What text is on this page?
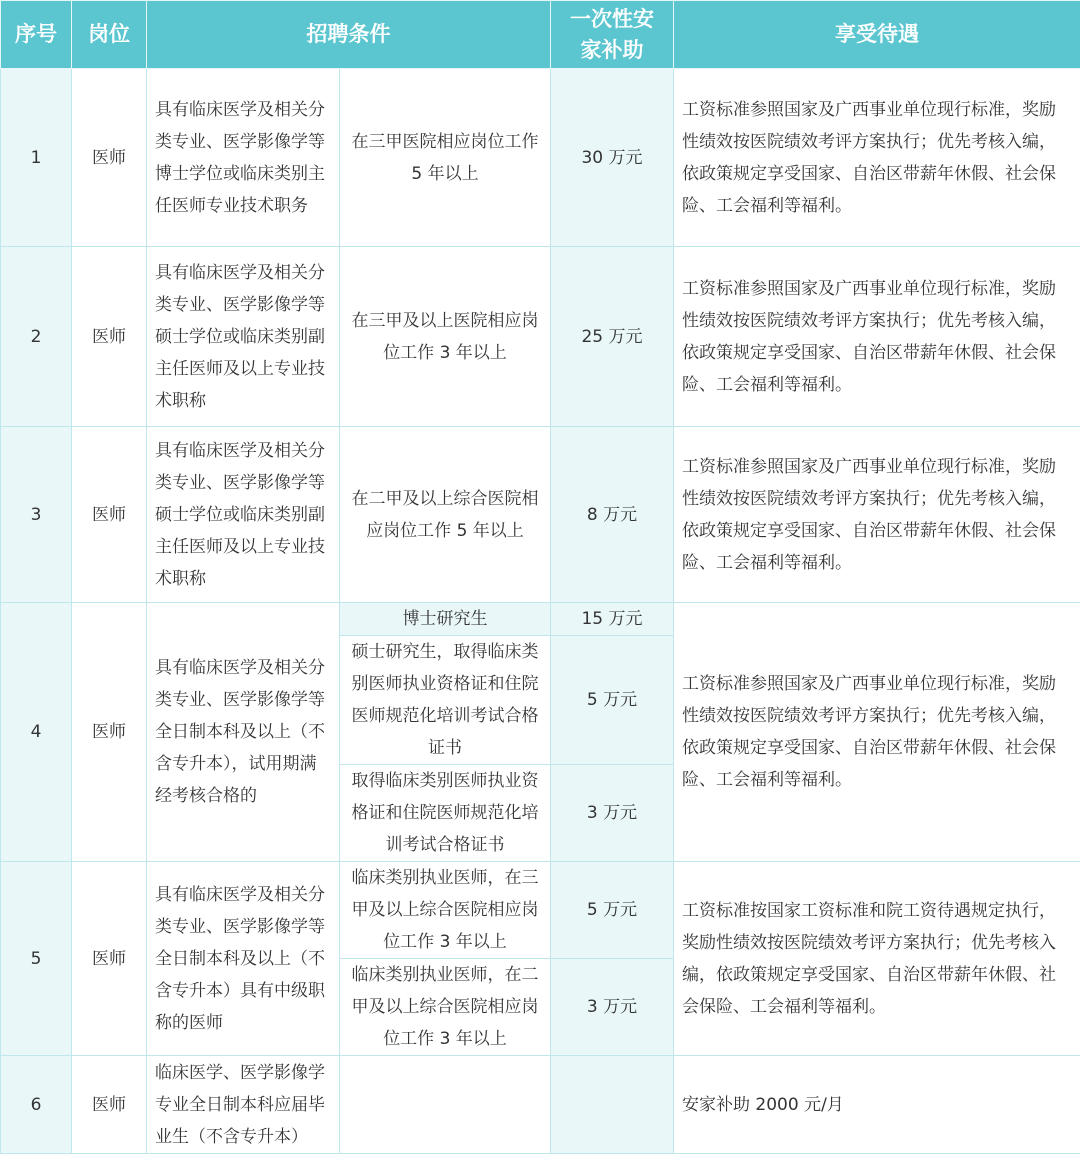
序号	岗位	招聘条件		一次性安家补助	享受待遇
1	医师	具有临床医学及相关分类专业、医学影像学等 博士学位或临床类别主任医师专业技术职务	在三甲医院相应岗位工作 5 年以上	30 万元	工资标准参照国家及广西事业单位现行标准，奖励性绩效按医院绩效考评方案执行；优先考核入编，依政策规定享受国家、自治区带薪年休假、社会保险、工会福利等福利。
2	医师	具有临床医学及相关分类专业、医学影像学等 硕士学位或临床类别副主任医师及以上专业技术职称	在三甲及以上医院相应岗位工作 3 年以上	25 万元	工资标准参照国家及广西事业单位现行标准，奖励性绩效按医院绩效考评方案执行；优先考核入编，依政策规定享受国家、自治区带薪年休假、社会保险、工会福利等福利。
3	医师	具有临床医学及相关分类专业、医学影像学等 硕士学位或临床类别副主任医师及以上专业技术职称	在二甲及以上综合医院相应岗位工作 5 年以上	8 万元	工资标准参照国家及广西事业单位现行标准，奖励性绩效按医院绩效考评方案执行；优先考核入编，依政策规定享受国家、自治区带薪年休假、社会保险、工会福利等福利。
4	医师	具有临床医学及相关分类专业、医学影像学等 全日制本科及以上（不含专升本），试用期满经考核合格的	博士研究生	15 万元	工资标准参照国家及广西事业单位现行标准，奖励性绩效按医院绩效考评方案执行；优先考核入编，依政策规定享受国家、自治区带薪年休假、社会保险、工会福利等福利。
			硕士研究生，取得临床类别医师执业资格证和住院医师规范化培训考试合格证书	5 万元	
			取得临床类别医师执业资格证和住院医师规范化培训考试合格证书	3 万元	
5	医师	具有临床医学及相关分类专业、医学影像学等 全日制本科及以上（不含专升本）具有中级职称的医师	临床类别执业医师，在三甲及以上综合医院相应岗位工作 3 年以上	5 万元	工资标准按国家工资标准和院工资待遇规定执行，奖励性绩效按医院绩效考评方案执行；优先考核入编，依政策规定享受国家、自治区带薪年休假、社会保险、工会福利等福利。
			临床类别执业医师，在二甲及以上综合医院相应岗位工作 3 年以上	3 万元	
6	医师	临床医学、医学影像学专业全日制本科应届毕业生（不含专升本）			安家补助 2000 元/月
